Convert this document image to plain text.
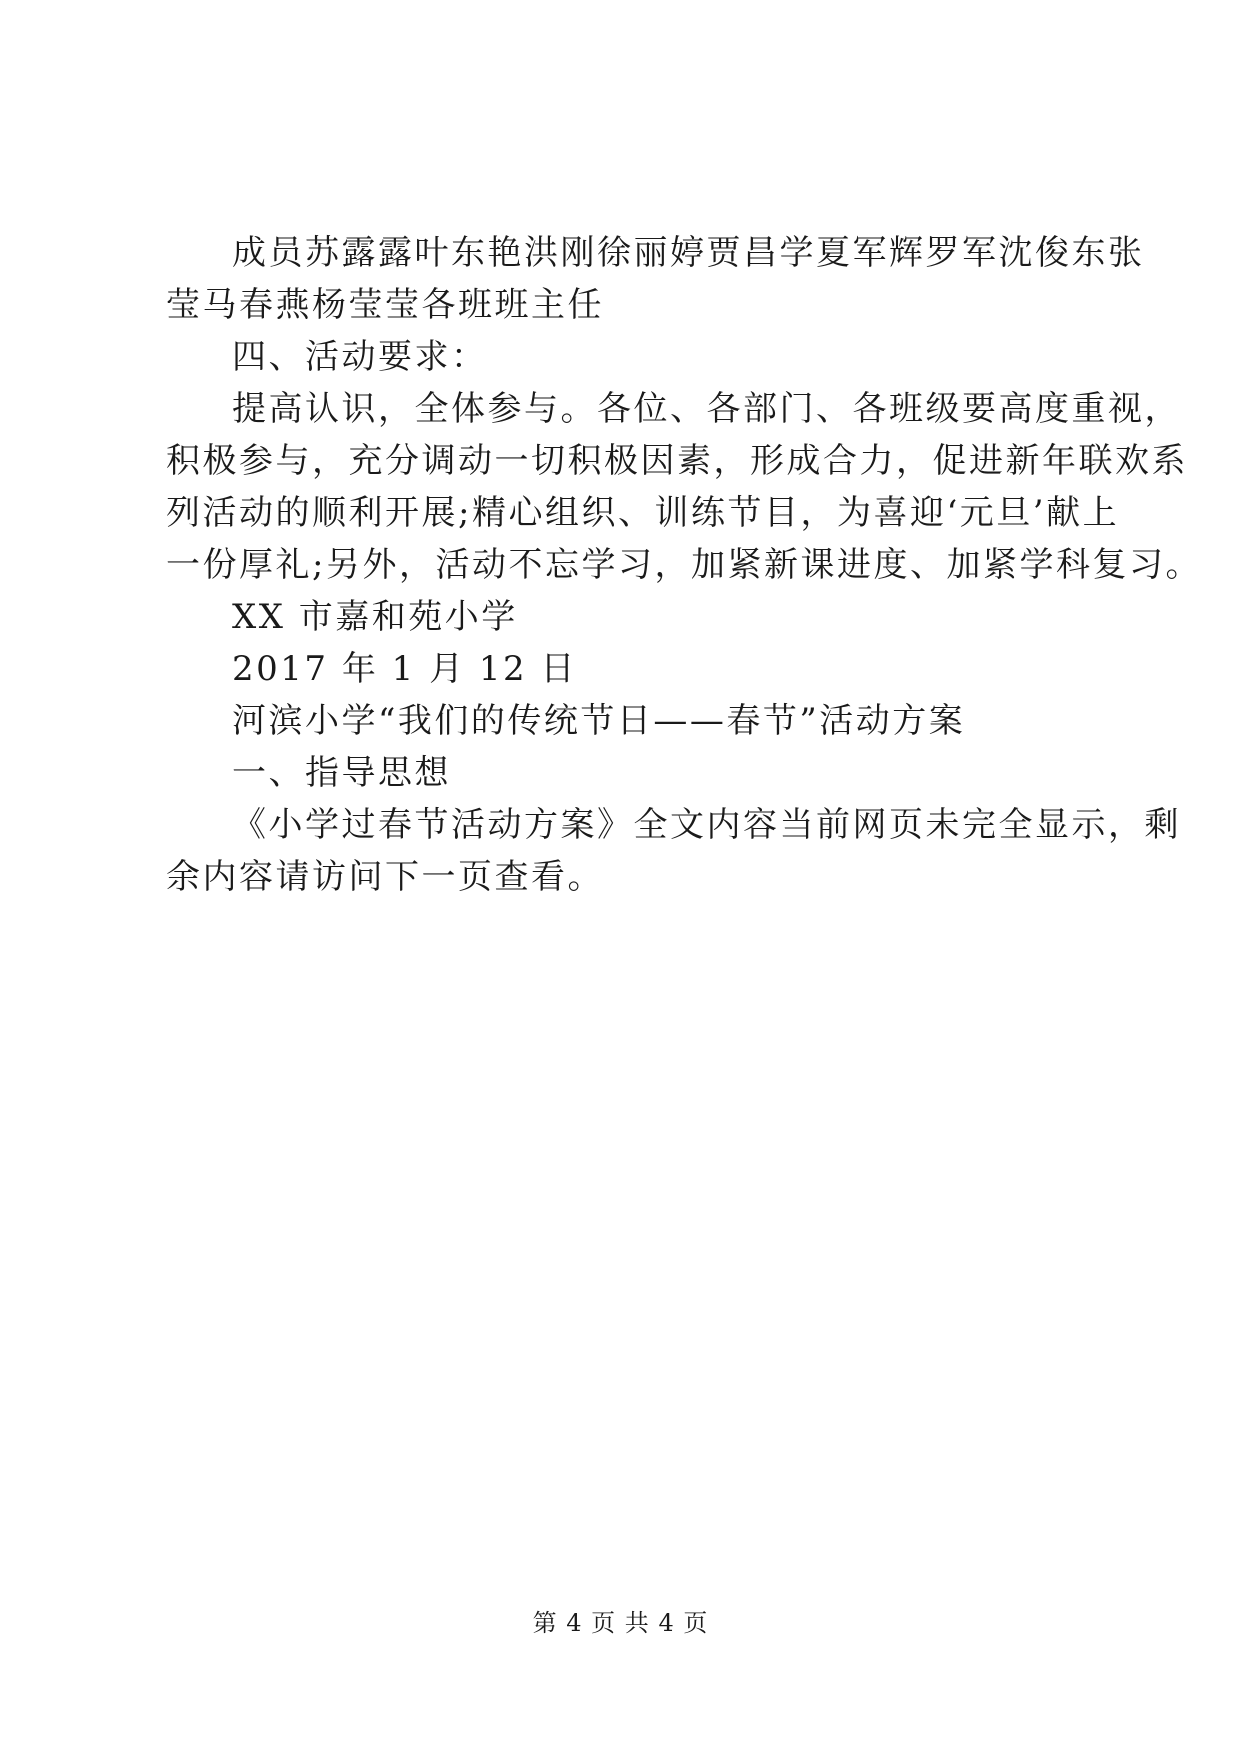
成员苏露露叶东艳洪刚徐丽婷贾昌学夏军辉罗军沈俊东张

莹马春燕杨莹莹各班班主任

四、活动要求：

提高认识，全体参与。各位、各部门、各班级要高度重视，

积极参与，充分调动一切积极因素，形成合力，促进新年联欢系

列活动的顺利开展;精心组织、训练节目，为喜迎‘元旦’献上

一份厚礼;另外，活动不忘学习，加紧新课进度、加紧学科复习。

XX 市嘉和苑小学

2017 年 1 月 12 日

河滨小学“我们的传统节日——春节”活动方案

一、指导思想

《小学过春节活动方案》全文内容当前网页未完全显示，剩

余内容请访问下一页查看。

第 4 页 共 4 页
